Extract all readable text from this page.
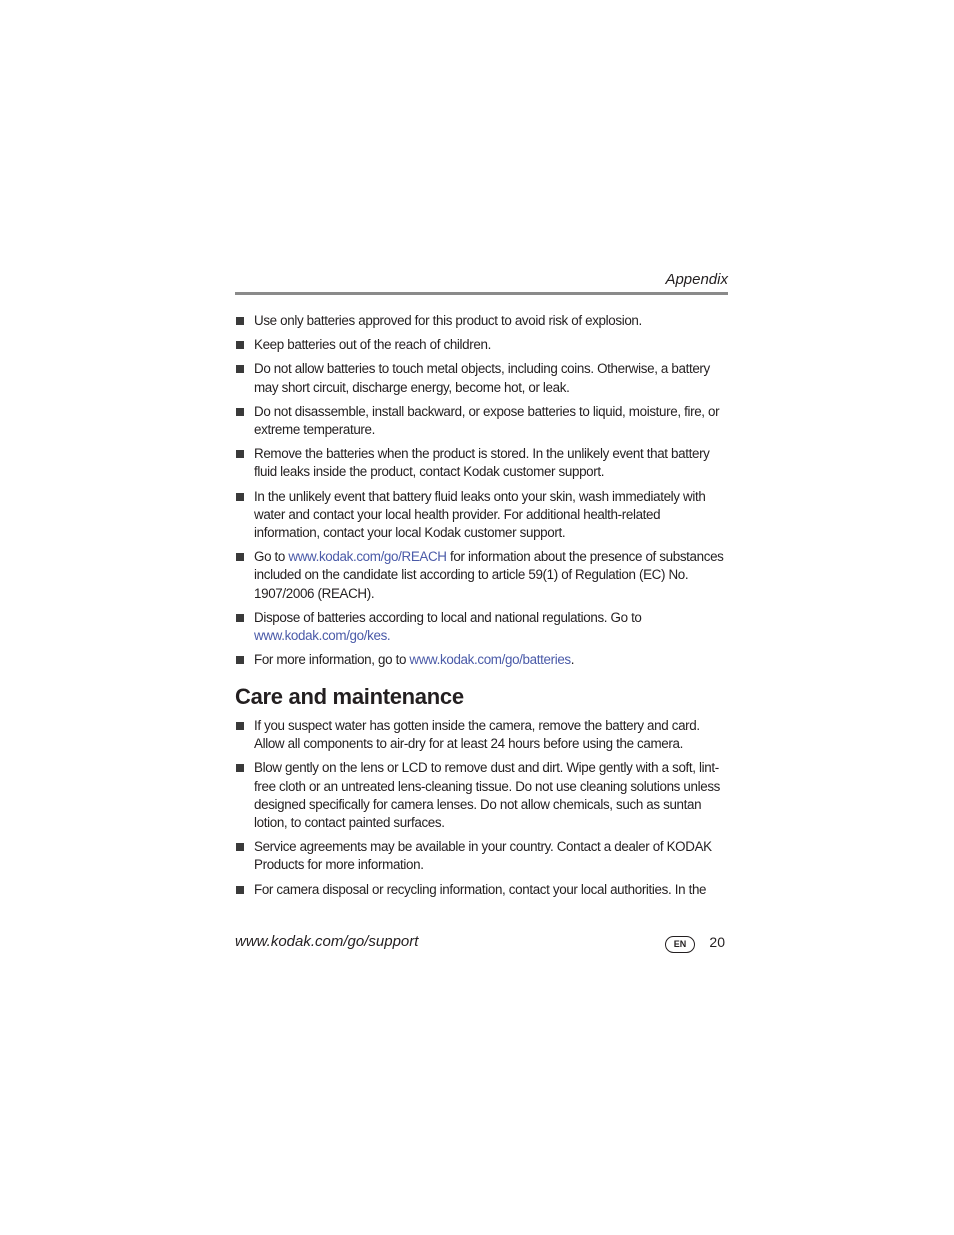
Appendix
Use only batteries approved for this product to avoid risk of explosion.
Keep batteries out of the reach of children.
Do not allow batteries to touch metal objects, including coins. Otherwise, a battery may short circuit, discharge energy, become hot, or leak.
Do not disassemble, install backward, or expose batteries to liquid, moisture, fire, or extreme temperature.
Remove the batteries when the product is stored. In the unlikely event that battery fluid leaks inside the product, contact Kodak customer support.
In the unlikely event that battery fluid leaks onto your skin, wash immediately with water and contact your local health provider. For additional health-related information, contact your local Kodak customer support.
Go to www.kodak.com/go/REACH for information about the presence of substances included on the candidate list according to article 59(1) of Regulation (EC) No. 1907/2006 (REACH).
Dispose of batteries according to local and national regulations. Go to www.kodak.com/go/kes.
For more information, go to www.kodak.com/go/batteries.
Care and maintenance
If you suspect water has gotten inside the camera, remove the battery and card. Allow all components to air-dry for at least 24 hours before using the camera.
Blow gently on the lens or LCD to remove dust and dirt. Wipe gently with a soft, lint-free cloth or an untreated lens-cleaning tissue. Do not use cleaning solutions unless designed specifically for camera lenses. Do not allow chemicals, such as suntan lotion, to contact painted surfaces.
Service agreements may be available in your country. Contact a dealer of KODAK Products for more information.
For camera disposal or recycling information, contact your local authorities. In the
www.kodak.com/go/support	EN	20
